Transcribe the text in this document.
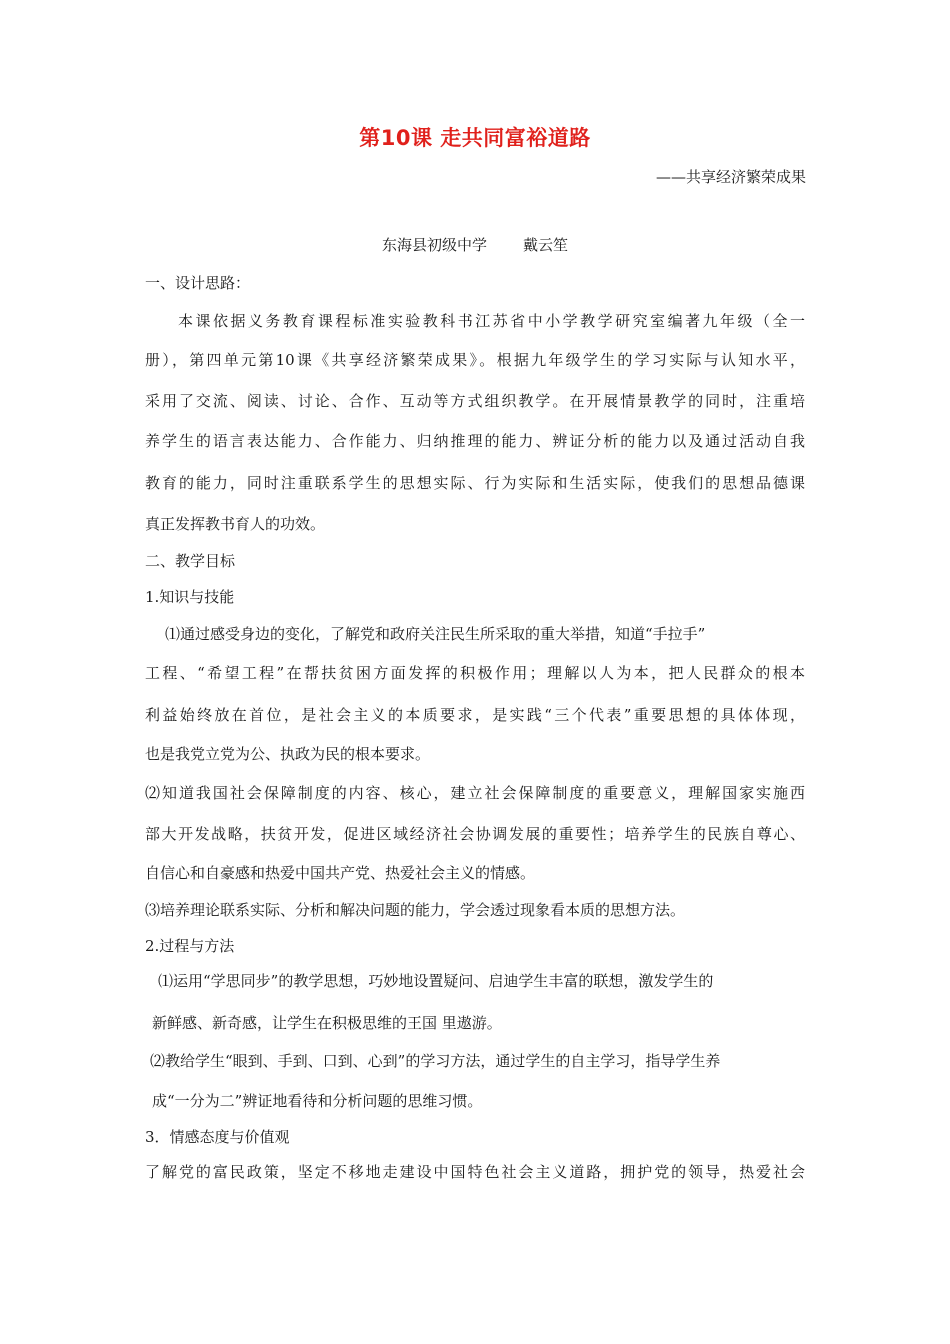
第10课 走共同富裕道路
——共享经济繁荣成果
东海县初级中学 戴云笙
一、设计思路：
本课依据义务教育课程标准实验教科书江苏省中小学教学研究室编著九年级（全一
册），第四单元第10课《共享经济繁荣成果》。根据九年级学生的学习实际与认知水平，
采用了交流、阅读、讨论、合作、互动等方式组织教学。在开展情景教学的同时，注重培
养学生的语言表达能力、合作能力、归纳推理的能力、辨证分析的能力以及通过活动自我
教育的能力，同时注重联系学生的思想实际、行为实际和生活实际，使我们的思想品德课
真正发挥教书育人的功效。
二、教学目标
1.知识与技能
⑴通过感受身边的变化，了解党和政府关注民生所采取的重大举措，知道“手拉手”
工程、“希望工程”在帮扶贫困方面发挥的积极作用；理解以人为本，把人民群众的根本
利益始终放在首位，是社会主义的本质要求，是实践“三个代表”重要思想的具体体现，
也是我党立党为公、执政为民的根本要求。
⑵知道我国社会保障制度的内容、核心，建立社会保障制度的重要意义，理解国家实施西
部大开发战略，扶贫开发，促进区域经济社会协调发展的重要性；培养学生的民族自尊心、
自信心和自豪感和热爱中国共产党、热爱社会主义的情感。
⑶培养理论联系实际、分析和解决问题的能力，学会透过现象看本质的思想方法。
2.过程与方法
⑴运用“学思同步”的教学思想，巧妙地设置疑问、启迪学生丰富的联想，激发学生的
新鲜感、新奇感，让学生在积极思维的王国 里遨游。
⑵教给学生“眼到、手到、口到、心到”的学习方法，通过学生的自主学习，指导学生养
成“一分为二”辨证地看待和分析问题的思维习惯。
3．情感态度与价值观
了解党的富民政策，坚定不移地走建设中国特色社会主义道路，拥护党的领导，热爱社会
